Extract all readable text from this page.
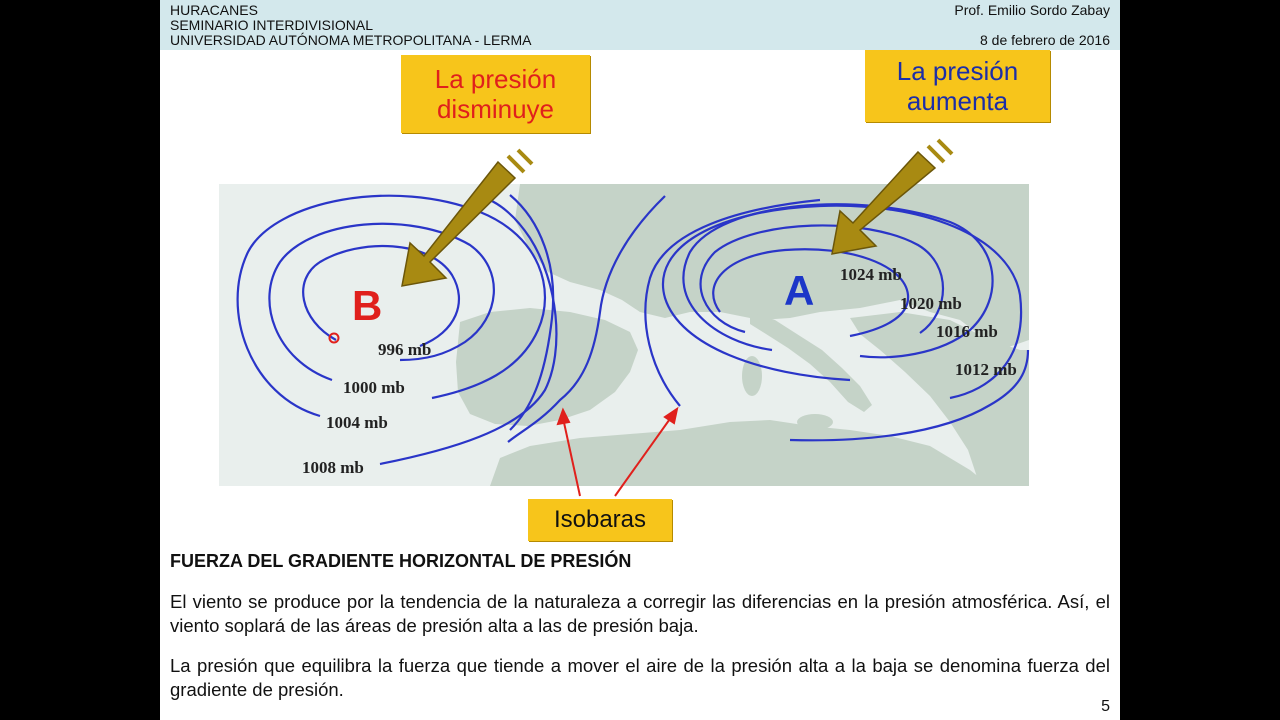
HURACANES
SEMINARIO INTERDIVISIONAL
UNIVERSIDAD AUTÓNOMA METROPOLITANA - LERMA
Prof. Emilio Sordo Zabay
8 de febrero de 2016
B	A
996 mb
1000 mb
1004 mb
1008 mb
1024 mb
1020 mb
1016 mb
1012 mb
La presión
disminuye
La presión
aumenta
Isobaras
FUERZA DEL GRADIENTE HORIZONTAL DE PRESIÓN

El viento se produce por la tendencia de la naturaleza a corregir las diferencias en la presión atmosférica. Así, el viento soplará de las áreas de presión alta a las de presión baja.

La presión que equilibra la fuerza que tiende a mover el aire de la presión alta a la baja se denomina fuerza del gradiente de presión.

5
